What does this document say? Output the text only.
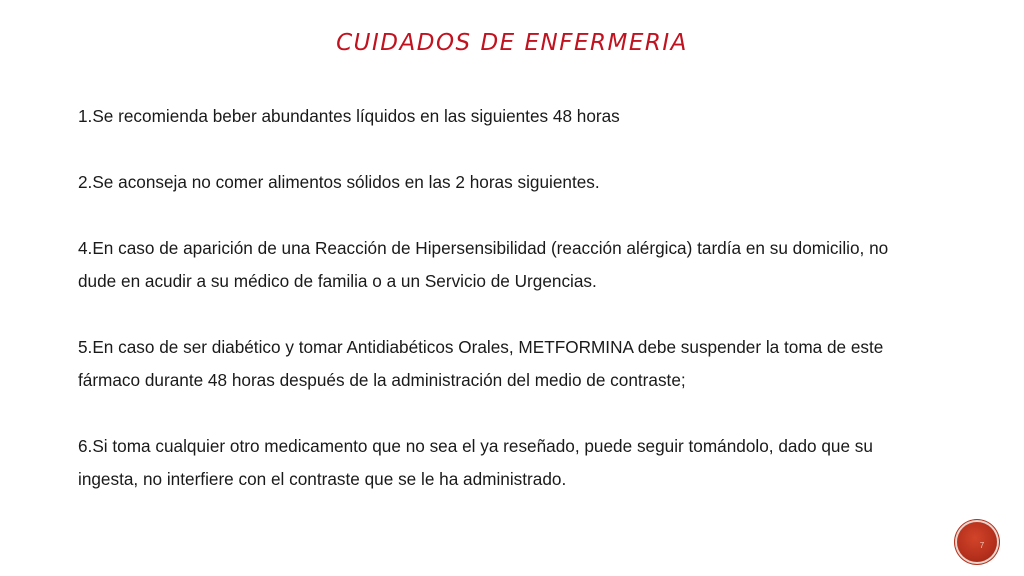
CUIDADOS DE ENFERMERIA

1.Se recomienda beber abundantes líquidos en las siguientes 48 horas

2.Se aconseja no comer alimentos sólidos en las 2 horas siguientes.

4.En caso de aparición de una Reacción de Hipersensibilidad (reacción alérgica) tardía en su domicilio, no dude en acudir a su médico de familia o a un Servicio de Urgencias.

5.En caso de ser diabético y tomar Antidiabéticos Orales, METFORMINA debe suspender la toma de este fármaco durante 48 horas después de la administración del medio de contraste;

6.Si toma cualquier otro medicamento que no sea el ya reseñado, puede seguir tomándolo, dado que su ingesta, no interfiere con el contraste que se le ha administrado.

7
